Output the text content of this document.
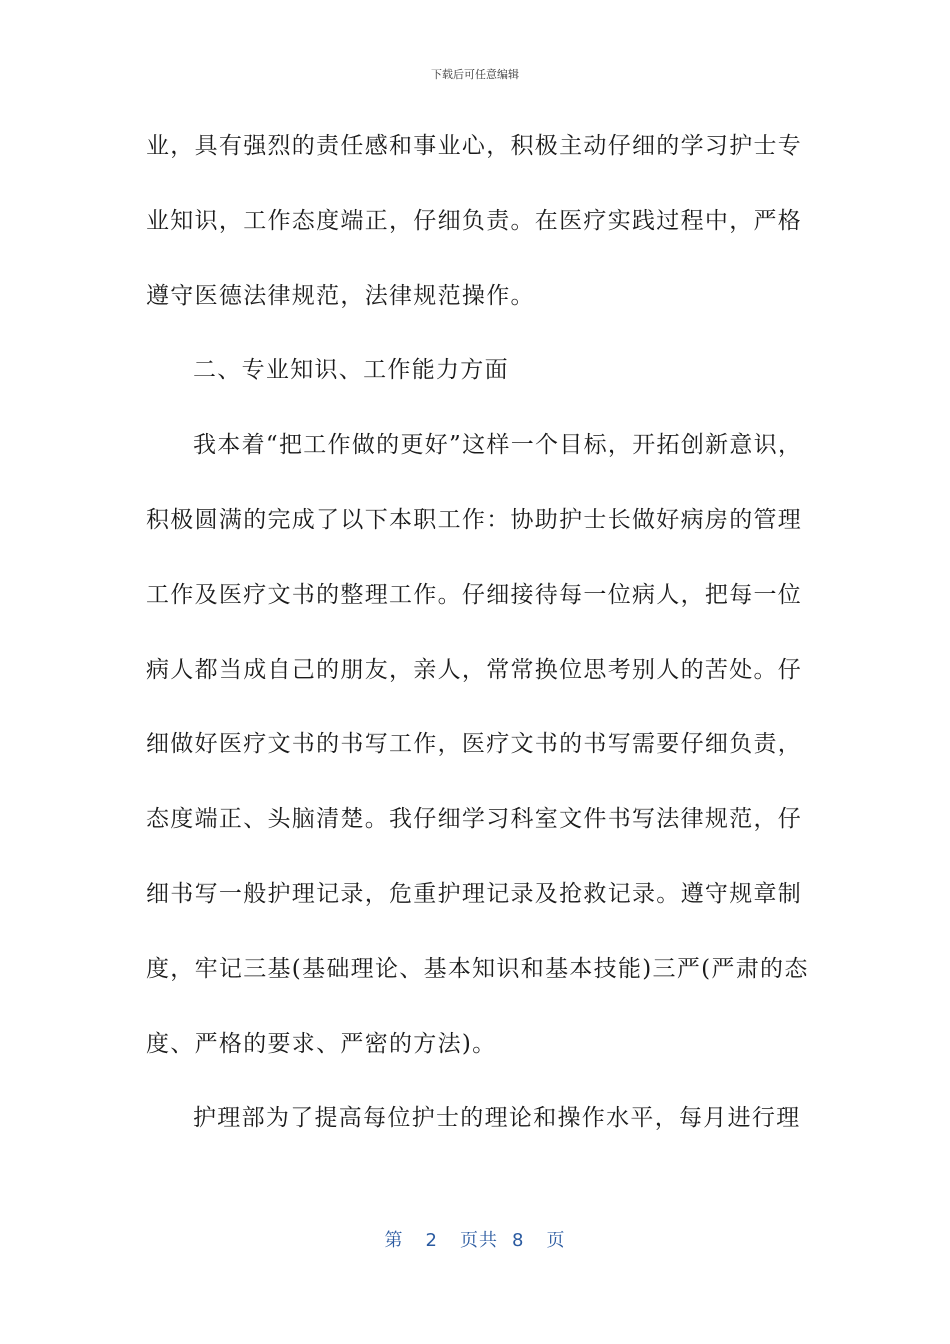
下载后可任意编辑
业，具有强烈的责任感和事业心，积极主动仔细的学习护士专
业知识，工作态度端正，仔细负责。在医疗实践过程中，严格
遵守医德法律规范，法律规范操作。
二、专业知识、工作能力方面
我本着“把工作做的更好”这样一个目标，开拓创新意识，
积极圆满的完成了以下本职工作：协助护士长做好病房的管理
工作及医疗文书的整理工作。仔细接待每一位病人，把每一位
病人都当成自己的朋友，亲人，常常换位思考别人的苦处。仔
细做好医疗文书的书写工作，医疗文书的书写需要仔细负责，
态度端正、头脑清楚。我仔细学习科室文件书写法律规范，仔
细书写一般护理记录，危重护理记录及抢救记录。遵守规章制
度，牢记三基(基础理论、基本知识和基本技能)三严(严肃的态
度、严格的要求、严密的方法)。
护理部为了提高每位护士的理论和操作水平，每月进行理
第 2 页共 8 页
